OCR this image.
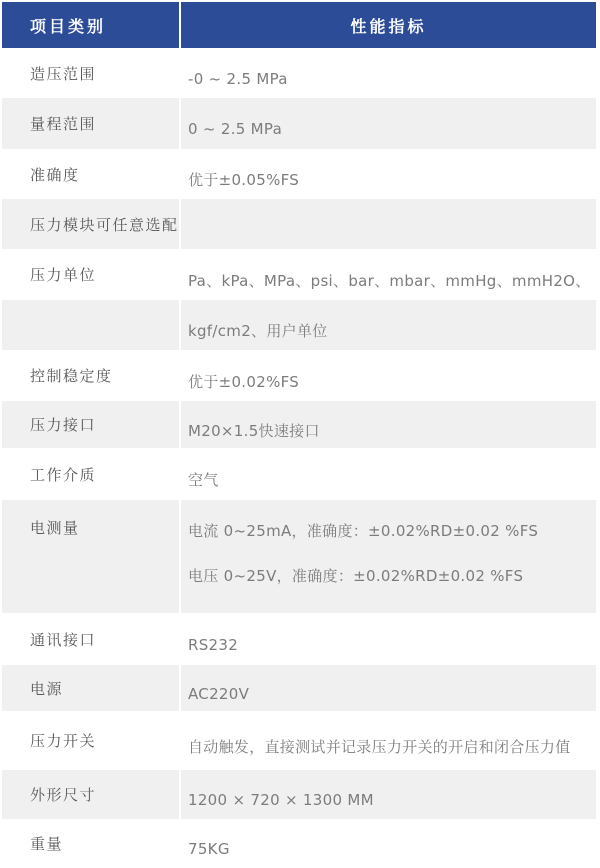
项目类别	性能指标
造压范围	-0 ~ 2.5 MPa
量程范围	0 ~ 2.5 MPa
准确度	优于±0.05%FS
压力模块可任意选配
压力单位	Pa、kPa、MPa、psi、bar、mbar、mmHg、mmH2O、
kgf/cm2、用户单位
控制稳定度	优于±0.02%FS
压力接口	M20×1.5快速接口
工作介质	空气
电测量	电流 0~25mA，准确度：±0.02%RD±0.02 %FS
电压 0~25V，准确度：±0.02%RD±0.02 %FS
通讯接口	RS232
电源	AC220V
压力开关	自动触发，直接测试并记录压力开关的开启和闭合压力值
外形尺寸	1200 × 720 × 1300 MM
重量	75KG
